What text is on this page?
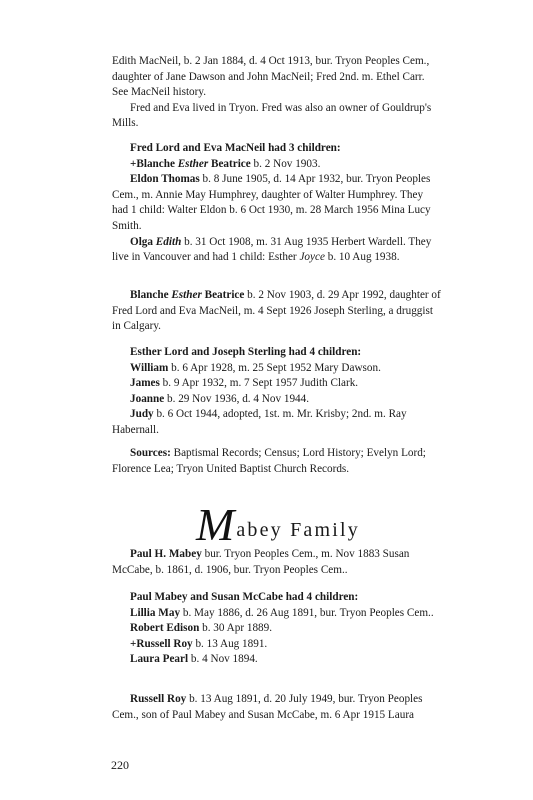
Edith MacNeil, b. 2 Jan 1884, d. 4 Oct 1913, bur. Tryon Peoples Cem.,

daughter of Jane Dawson and John MacNeil; Fred 2nd. m. Ethel Carr.

See MacNeil history.

Fred and Eva lived in Tryon. Fred was also an owner of Gouldrup's

Mills.

Fred Lord and Eva MacNeil had 3 children:

+Blanche Esther Beatrice b. 2 Nov 1903.

Eldon Thomas b. 8 June 1905, d. 14 Apr 1932, bur. Tryon Peoples

Cem., m. Annie May Humphrey, daughter of Walter Humphrey. They

had 1 child: Walter Eldon b. 6 Oct 1930, m. 28 March 1956 Mina Lucy

Smith.

Olga Edith b. 31 Oct 1908, m. 31 Aug 1935 Herbert Wardell. They

live in Vancouver and had 1 child: Esther Joyce b. 10 Aug 1938.

Blanche Esther Beatrice b. 2 Nov 1903, d. 29 Apr 1992, daughter of

Fred Lord and Eva MacNeil, m. 4 Sept 1926 Joseph Sterling, a druggist

in Calgary.

Esther Lord and Joseph Sterling had 4 children:

William b. 6 Apr 1928, m. 25 Sept 1952 Mary Dawson.

James b. 9 Apr 1932, m. 7 Sept 1957 Judith Clark.

Joanne b. 29 Nov 1936, d. 4 Nov 1944.

Judy b. 6 Oct 1944, adopted, 1st. m. Mr. Krisby; 2nd. m. Ray

Habernall.

Sources: Baptismal Records; Census; Lord History; Evelyn Lord;

Florence Lea; Tryon United Baptist Church Records.

M abey Family

Paul H. Mabey bur. Tryon Peoples Cem., m. Nov 1883 Susan

McCabe, b. 1861, d. 1906, bur. Tryon Peoples Cem..

Paul Mabey and Susan McCabe had 4 children:

Lillia May b. May 1886, d. 26 Aug 1891, bur. Tryon Peoples Cem..

Robert Edison b. 30 Apr 1889.

+Russell Roy b. 13 Aug 1891.

Laura Pearl b. 4 Nov 1894.

Russell Roy b. 13 Aug 1891, d. 20 July 1949, bur. Tryon Peoples

Cem., son of Paul Mabey and Susan McCabe, m. 6 Apr 1915 Laura

220
